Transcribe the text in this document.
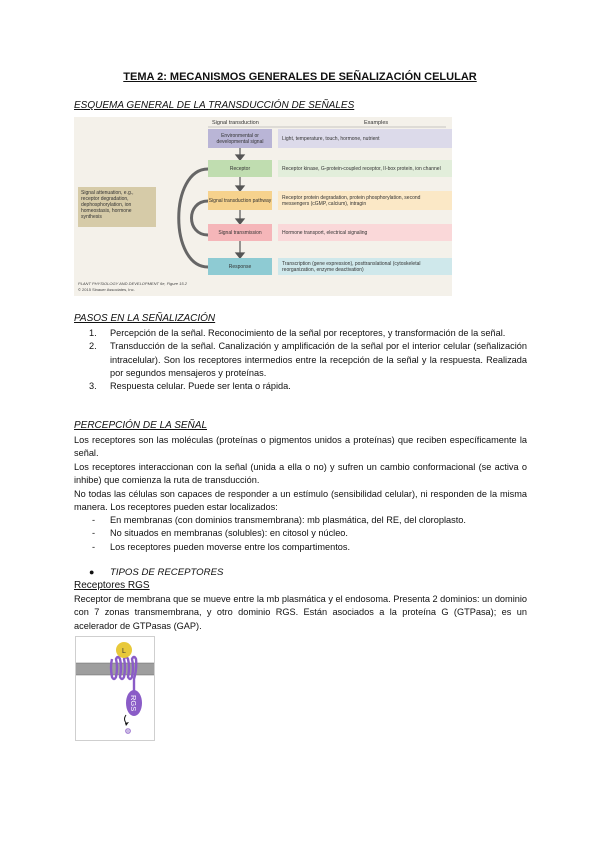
TEMA 2: MECANISMOS GENERALES DE SEÑALIZACIÓN CELULAR
ESQUEMA GENERAL DE LA TRANSDUCCIÓN DE SEÑALES
Signal transduction	Examples
PLANT PHYSIOLOGY AND DEVELOPMENT 6e, Figure 15.2
© 2015 Sinauer Associates, Inc.
Environmental or developmental signal
Receptor
Signal transduction pathway
Signal transmission
Response
Light, temperature, touch, hormone, nutrient
Receptor kinase, G-protein-coupled receptor, II-box protein, ion channel
Receptor protein degradation, protein phosphorylation, second messengers (cGMP, calcium), intragin
Hormone transport, electrical signaling
Transcription (gene expression), posttranslational (cytoskeletal reorganization, enzyme deactivation)
Signal attenuation, e.g., receptor degradation, dephosphorylation, ion homeostasis, hormone synthesis
PASOS EN LA SEÑALIZACIÓN
1. Percepción de la señal. Reconocimiento de la señal por receptores, y transformación de la señal.
2. Transducción de la señal. Canalización y amplificación de la señal por el interior celular (señalización intracelular). Son los receptores intermedios entre la recepción de la señal y la respuesta. Realizada por segundos mensajeros y proteínas.
3. Respuesta celular. Puede ser lenta o rápida.
PERCEPCIÓN DE LA SEÑAL
Los receptores son las moléculas (proteínas o pigmentos unidos a proteínas) que reciben específicamente la señal.
Los receptores interaccionan con la señal (unida a ella o no) y sufren un cambio conformacional (se activa o inhibe) que comienza la ruta de transducción.
No todas las células son capaces de responder a un estímulo (sensibilidad celular), ni responden de la misma manera. Los receptores pueden estar localizados:
- En membranas (con dominios transmembrana): mb plasmática, del RE, del cloroplasto.
- No situados en membranas (solubles): en citosol y núcleo.
- Los receptores pueden moverse entre los compartimentos.
● TIPOS DE RECEPTORES
Receptores RGS
Receptor de membrana que se mueve entre la mb plasmática y el endosoma. Presenta 2 dominios: un dominio con 7 zonas transmembrana, y otro dominio RGS. Están asociados a la proteína G (GTPasa); es un acelerador de GTPasas (GAP).
L
RGS
